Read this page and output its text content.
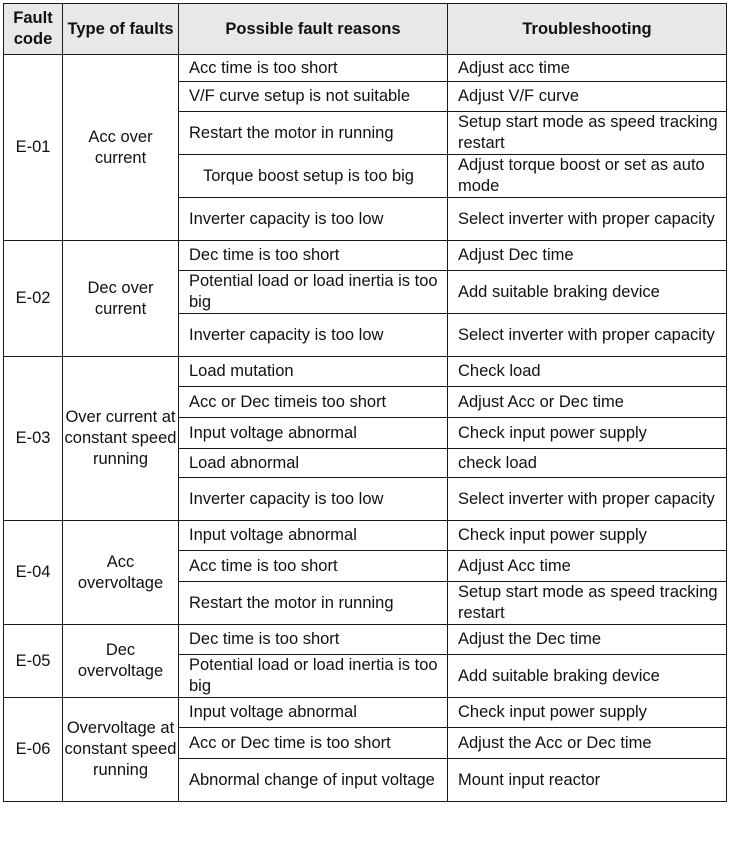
Fault code	Type of faults	Possible fault reasons	Troubleshooting
E-01	Acc over current	Acc time is too short	Adjust acc time
		V/F curve setup is not suitable	Adjust V/F curve
		Restart the motor in running	Setup start mode as speed tracking restart
		Torque boost setup is too big	Adjust torque boost or set as auto mode
		Inverter capacity is too low	Select inverter with proper capacity
E-02	Dec over current	Dec time is too short	Adjust Dec time
		Potential load or load inertia is too big	Add suitable braking device
		Inverter capacity is too low	Select inverter with proper capacity
E-03	Over current at constant speed running	Load mutation	Check load
		Acc or Dec timeis too short	Adjust Acc or Dec time
		Input voltage abnormal	Check input power supply
		Load abnormal	check load
		Inverter capacity is too low	Select inverter with proper capacity
E-04	Acc overvoltage	Input voltage abnormal	Check input power supply
		Acc time is too short	Adjust Acc time
		Restart the motor in running	Setup start mode as speed tracking restart
E-05	Dec overvoltage	Dec time is too short	Adjust the Dec time
		Potential load or load inertia is too big	Add suitable braking device
E-06	Overvoltage at constant speed running	Input voltage abnormal	Check input power supply
		Acc or Dec time is too short	Adjust the Acc or Dec time
		Abnormal change of input voltage	Mount input reactor
